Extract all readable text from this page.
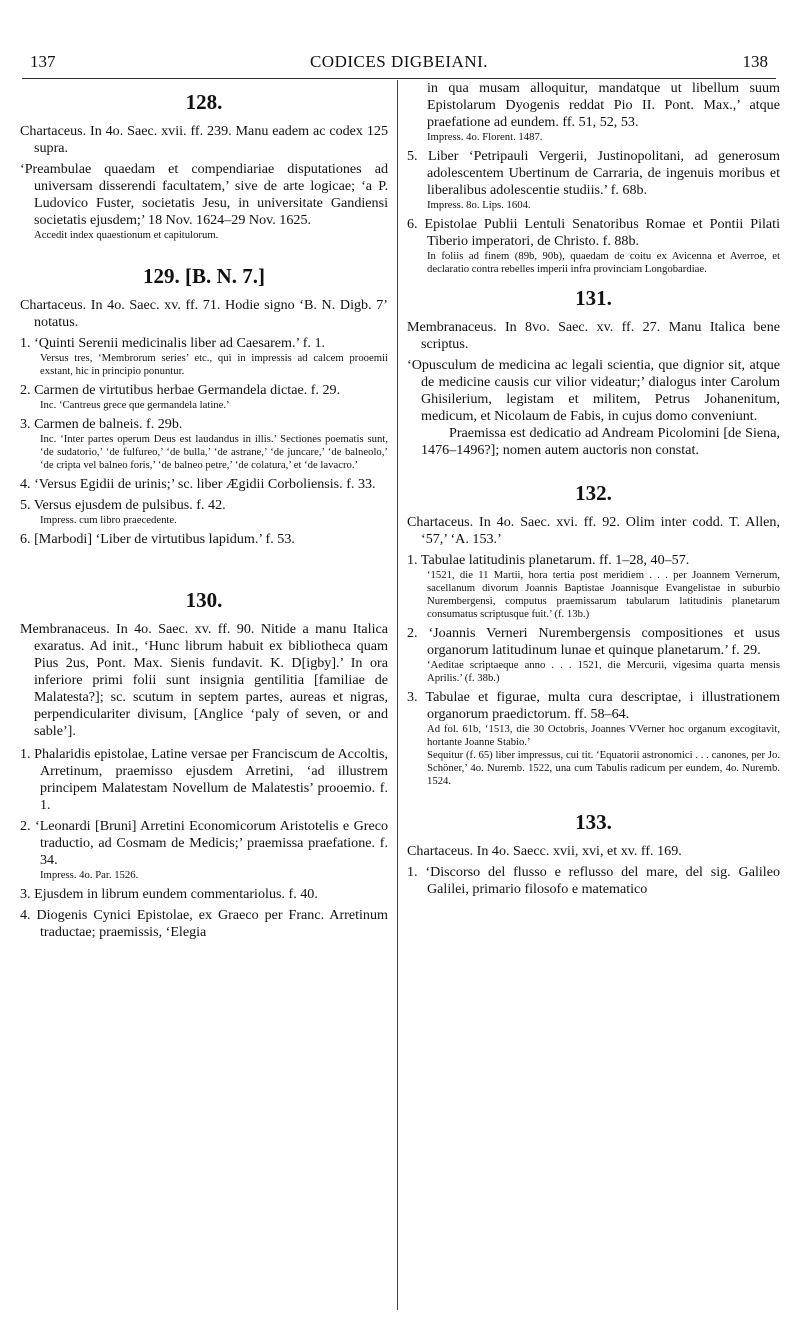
137	CODICES DIGBEIANI.	138
128.
Chartaceus. In 4o. Saec. xvii. ff. 239. Manu eadem ac codex 125 supra.
‘Preambulae quaedam et compendiariae disputationes ad universam disserendi facultatem,’ sive de arte logicae; ‘a P. Ludovico Fuster, societatis Jesu, in universitate Gandiensi societatis ejusdem;’ 18 Nov. 1624–29 Nov. 1625.
Accedit index quaestionum et capitulorum.
129. [B. N. 7.]
Chartaceus. In 4o. Saec. xv. ff. 71. Hodie signo ‘B. N. Digb. 7’ notatus.
1. ‘Quinti Serenii medicinalis liber ad Caesarem.’ f. 1.
Versus tres, ‘Membrorum series’ etc., qui in impressis ad calcem prooemii exstant, hic in principio ponuntur.
2. Carmen de virtutibus herbae Germandela dictae. f. 29.
Inc. ‘Cantreus grece que germandela latine.’
3. Carmen de balneis. f. 29b.
Inc. ‘Inter partes operum Deus est laudandus in illis.’ Sectiones poematis sunt, ‘de sudatorio,’ ‘de fulfureo,’ ‘de bulla,’ ‘de astrane,’ ‘de juncare,’ ‘de balneolo,’ ‘de cripta vel balneo foris,’ ‘de balneo petre,’ ‘de colatura,’ et ‘de lavacro.’
4. ‘Versus Egidii de urinis;’ sc. liber Ægidii Corboliensis. f. 33.
5. Versus ejusdem de pulsibus. f. 42.
Impress. cum libro praecedente.
6. [Marbodi] ‘Liber de virtutibus lapidum.’ f. 53.
130.
Membranaceus. In 4o. Saec. xv. ff. 90. Nitide a manu Italica exaratus. Ad init., ‘Hunc librum habuit ex bibliotheca quam Pius 2us, Pont. Max. Sienis fundavit. K. D[igby].’ In ora inferiore primi folii sunt insignia gentilitia [familiae de Malatesta?]; sc. scutum in septem partes, aureas et nigras, perpendiculariter divisum, [Anglice ‘paly of seven, or and sable’].
1. Phalaridis epistolae, Latine versae per Franciscum de Accoltis, Arretinum, praemisso ejusdem Arretini, ‘ad illustrem principem Malatestam Novellum de Malatestis’ prooemio. f. 1.
2. ‘Leonardi [Bruni] Arretini Economicorum Aristotelis e Greco traductio, ad Cosmam de Medicis;’ praemissa praefatione. f. 34.
Impress. 4o. Par. 1526.
3. Ejusdem in librum eundem commentariolus. f. 40.
4. Diogenis Cynici Epistolae, ex Graeco per Franc. Arretinum traductae; praemissis, ‘Elegia
in qua musam alloquitur, mandatque ut libellum suum Epistolarum Dyogenis reddat Pio II. Pont. Max.,’ atque praefatione ad eundem. ff. 51, 52, 53.
Impress. 4o. Florent. 1487.
5. Liber ‘Petripauli Vergerii, Justinopolitani, ad generosum adolescentem Ubertinum de Carraria, de ingenuis moribus et liberalibus adolescentie studiis.’ f. 68b.
Impress. 8o. Lips. 1604.
6. Epistolae Publii Lentuli Senatoribus Romae et Pontii Pilati Tiberio imperatori, de Christo. f. 88b.
In foliis ad finem (89b, 90b), quaedam de coitu ex Avicenna et Averroe, et declaratio contra rebelles imperii infra provinciam Longobardiae.
131.
Membranaceus. In 8vo. Saec. xv. ff. 27. Manu Italica bene scriptus.
‘Opusculum de medicina ac legali scientia, que dignior sit, atque de medicine causis cur vilior videatur;’ dialogus inter Carolum Ghisilerium, legistam et militem, Petrus Johanenitum, medicum, et Nicolaum de Fabis, in cujus domo conveniunt.
Praemissa est dedicatio ad Andream Picolomini [de Siena, 1476–1496?]; nomen autem auctoris non constat.
132.
Chartaceus. In 4o. Saec. xvi. ff. 92. Olim inter codd. T. Allen, ‘57,’ ‘A. 153.’
1. Tabulae latitudinis planetarum. ff. 1–28, 40–57.
‘1521, die 11 Martii, hora tertia post meridiem . . . per Joannem Vernerum, sacellanum divorum Joannis Baptistae Joannisque Evangelistae in suburbio Nurembergensi, computus praemissarum tabularum latitudinis planetarum consumatus scriptusque fuit.’ (f. 13b.)
2. ‘Joannis Verneri Nurembergensis compositiones et usus organorum latitudinum lunae et quinque planetarum.’ f. 29.
‘Aeditae scriptaeque anno . . . 1521, die Mercurii, vigesima quarta mensis Aprilis.’ (f. 38b.)
3. Tabulae et figurae, multa cura descriptae, i illustrationem organorum praedictorum. ff. 58–64.
Ad fol. 61b, ‘1513, die 30 Octobris, Joannes VVerner hoc organum excogitavit, hortante Joanne Stabio.’
Sequitur (f. 65) liber impressus, cui tit. ‘Equatorii astronomici . . . canones, per Jo. Schöner,’ 4o. Nuremb. 1522, una cum Tabulis radicum per eundem, 4o. Nuremb. 1524.
133.
Chartaceus. In 4o. Saecc. xvii, xvi, et xv. ff. 169.
1. ‘Discorso del flusso e reflusso del mare, del sig. Galileo Galilei, primario filosofo e matematico
